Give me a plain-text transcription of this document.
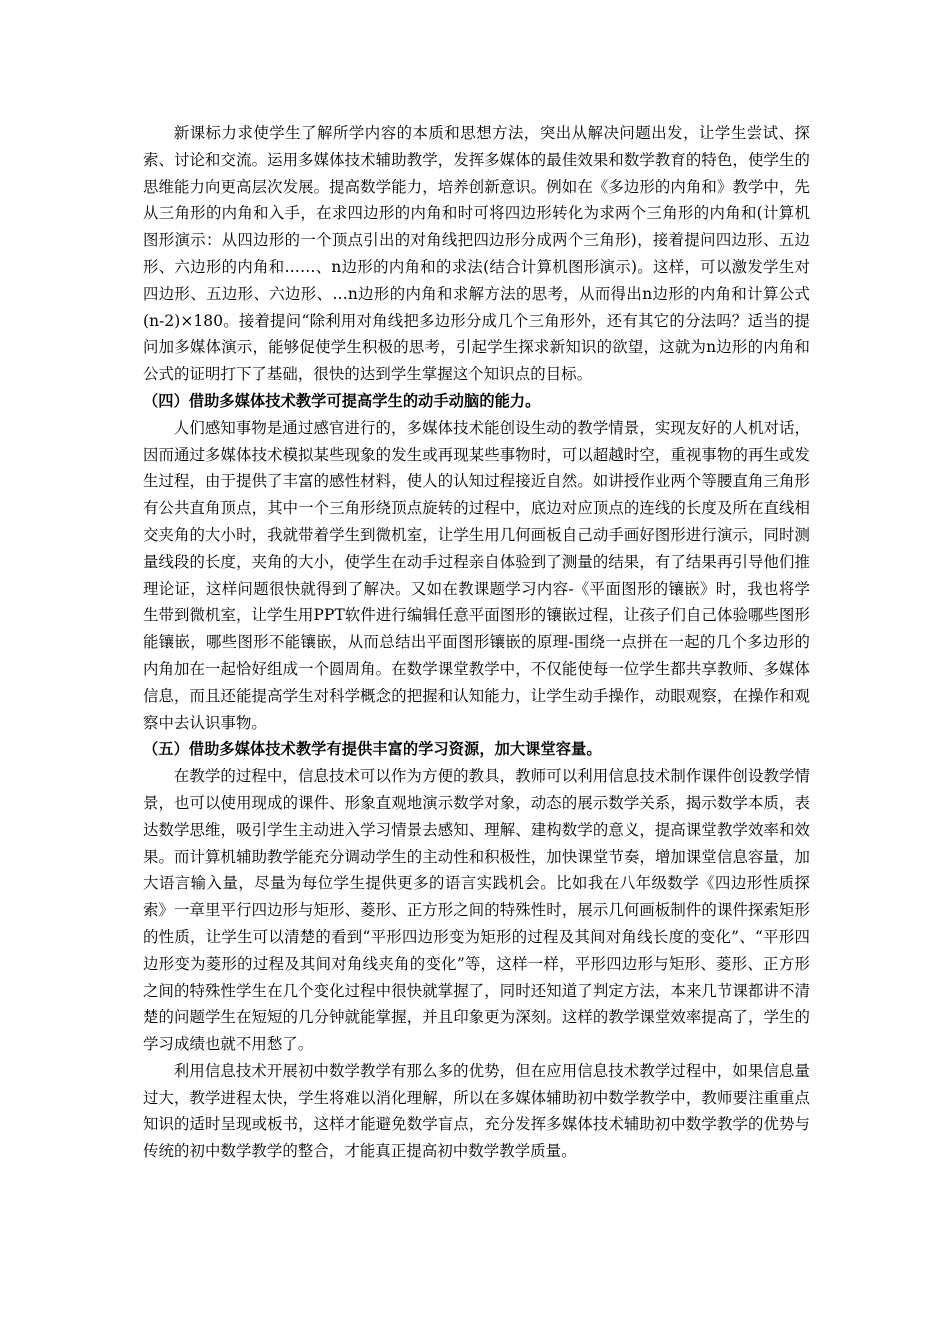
新课标力求使学生了解所学内容的本质和思想方法，突出从解决问题出发，让学生尝试、探索、讨论和交流。运用多媒体技术辅助教学，发挥多媒体的最佳效果和数学教育的特色，使学生的思维能力向更高层次发展。提高数学能力，培养创新意识。例如在《多边形的内角和》教学中，先从三角形的内角和入手，在求四边形的内角和时可将四边形转化为求两个三角形的内角和(计算机图形演示：从四边形的一个顶点引出的对角线把四边形分成两个三角形)，接着提问四边形、五边形、六边形的内角和……、n边形的内角和的求法(结合计算机图形演示)。这样，可以激发学生对四边形、五边形、六边形、…n边形的内角和求解方法的思考，从而得出n边形的内角和计算公式(n-2)×180。接着提问“除利用对角线把多边形分成几个三角形外，还有其它的分法吗？适当的提问加多媒体演示，能够促使学生积极的思考，引起学生探求新知识的欲望，这就为n边形的内角和公式的证明打下了基础，很快的达到学生掌握这个知识点的目标。

（四）借助多媒体技术教学可提高学生的动手动脑的能力。

人们感知事物是通过感官进行的，多媒体技术能创设生动的教学情景，实现友好的人机对话，因而通过多媒体技术模拟某些现象的发生或再现某些事物时，可以超越时空，重视事物的再生或发生过程，由于提供了丰富的感性材料，使人的认知过程接近自然。如讲授作业两个等腰直角三角形有公共直角顶点，其中一个三角形绕顶点旋转的过程中，底边对应顶点的连线的长度及所在直线相交夹角的大小时，我就带着学生到微机室，让学生用几何画板自己动手画好图形进行演示，同时测量线段的长度，夹角的大小，使学生在动手过程亲自体验到了测量的结果，有了结果再引导他们推理论证，这样问题很快就得到了解决。又如在教课题学习内容-《平面图形的镶嵌》时，我也将学生带到微机室，让学生用PPT软件进行编辑任意平面图形的镶嵌过程，让孩子们自己体验哪些图形能镶嵌，哪些图形不能镶嵌，从而总结出平面图形镶嵌的原理-围绕一点拼在一起的几个多边形的内角加在一起恰好组成一个圆周角。在数学课堂教学中，不仅能使每一位学生都共享教师、多媒体信息，而且还能提高学生对科学概念的把握和认知能力，让学生动手操作，动眼观察，在操作和观察中去认识事物。

（五）借助多媒体技术教学有提供丰富的学习资源，加大课堂容量。

在教学的过程中，信息技术可以作为方便的教具，教师可以利用信息技术制作课件创设教学情景，也可以使用现成的课件、形象直观地演示数学对象，动态的展示数学关系，揭示数学本质，表达数学思维，吸引学生主动进入学习情景去感知、理解、建构数学的意义，提高课堂教学效率和效果。而计算机辅助教学能充分调动学生的主动性和积极性，加快课堂节奏，增加课堂信息容量，加大语言输入量，尽量为每位学生提供更多的语言实践机会。比如我在八年级数学《四边形性质探索》一章里平行四边形与矩形、菱形、正方形之间的特殊性时，展示几何画板制件的课件探索矩形的性质，让学生可以清楚的看到“平形四边形变为矩形的过程及其间对角线长度的变化”、“平形四边形变为菱形的过程及其间对角线夹角的变化”等，这样一样，平形四边形与矩形、菱形、正方形之间的特殊性学生在几个变化过程中很快就掌握了，同时还知道了判定方法，本来几节课都讲不清楚的问题学生在短短的几分钟就能掌握，并且印象更为深刻。这样的教学课堂效率提高了，学生的学习成绩也就不用愁了。

利用信息技术开展初中数学教学有那么多的优势，但在应用信息技术教学过程中，如果信息量过大，教学进程太快，学生将难以消化理解，所以在多媒体辅助初中数学教学中，教师要注重重点知识的适时呈现或板书，这样才能避免数学盲点，充分发挥多媒体技术辅助初中数学教学的优势与传统的初中数学教学的整合，才能真正提高初中数学教学质量。
